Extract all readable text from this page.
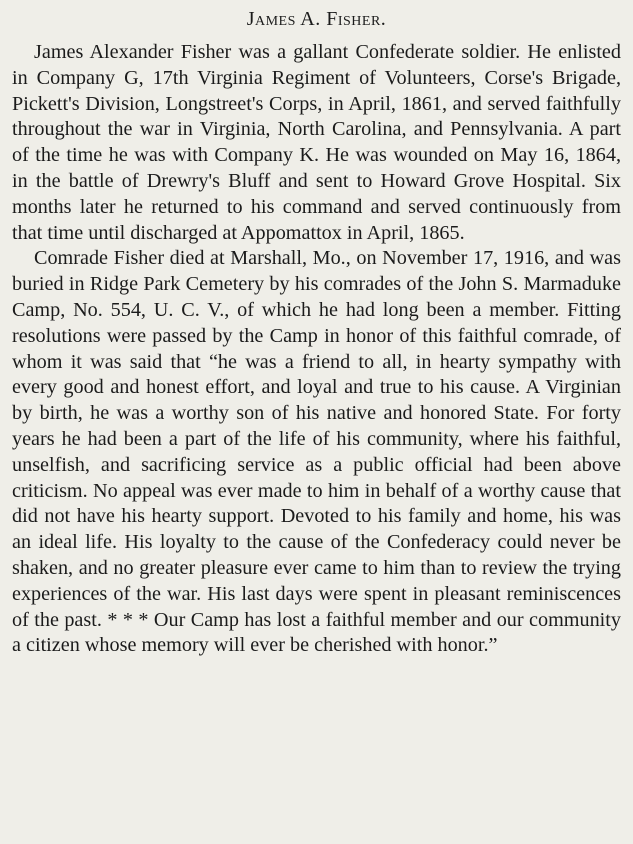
James A. Fisher.

James Alexander Fisher was a gallant Confederate soldier. He enlisted in Company G, 17th Virginia Regiment of Volunteers, Corse's Brigade, Pickett's Division, Longstreet's Corps, in April, 1861, and served faithfully throughout the war in Virginia, North Carolina, and Pennsylvania. A part of the time he was with Company K. He was wounded on May 16, 1864, in the battle of Drewry's Bluff and sent to Howard Grove Hospital. Six months later he returned to his command and served continuously from that time until discharged at Appomattox in April, 1865.

Comrade Fisher died at Marshall, Mo., on November 17, 1916, and was buried in Ridge Park Cemetery by his comrades of the John S. Marmaduke Camp, No. 554, U. C. V., of which he had long been a member. Fitting resolutions were passed by the Camp in honor of this faithful comrade, of whom it was said that “he was a friend to all, in hearty sympathy with every good and honest effort, and loyal and true to his cause. A Virginian by birth, he was a worthy son of his native and honored State. For forty years he had been a part of the life of his community, where his faithful, unselfish, and sacrificing service as a public official had been above criticism. No appeal was ever made to him in behalf of a worthy cause that did not have his hearty support. Devoted to his family and home, his was an ideal life. His loyalty to the cause of the Confederacy could never be shaken, and no greater pleasure ever came to him than to review the trying experiences of the war. His last days were spent in pleasant reminiscences of the past. * * * Our Camp has lost a faithful member and our community a citizen whose memory will ever be cherished with honor.”
